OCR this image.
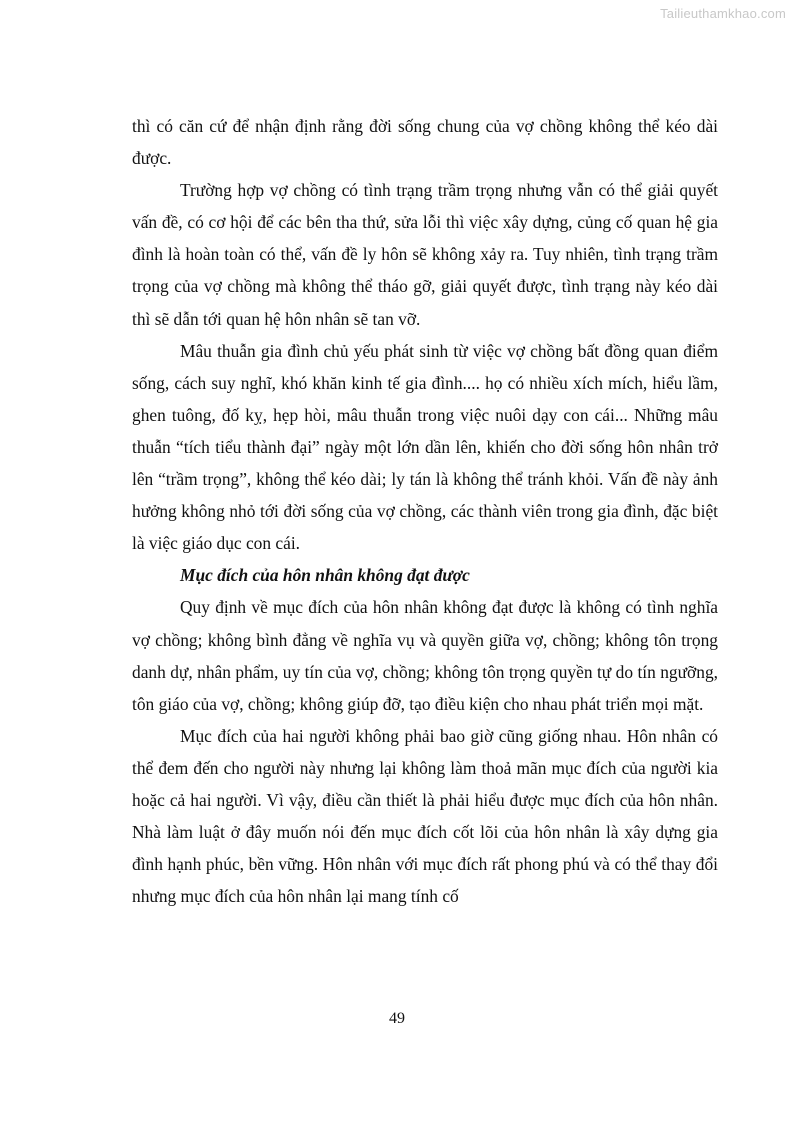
Tailieuthamkhao.com

thì có căn cứ để nhận định rằng đời sống chung của vợ chồng không thể kéo dài được.

Trường hợp vợ chồng có tình trạng trầm trọng nhưng vẫn có thể giải quyết vấn đề, có cơ hội để các bên tha thứ, sửa lỗi thì việc xây dựng, củng cố quan hệ gia đình là hoàn toàn có thể, vấn đề ly hôn sẽ không xảy ra. Tuy nhiên, tình trạng trầm trọng của vợ chồng mà không thể tháo gỡ, giải quyết được, tình trạng này kéo dài thì sẽ dẫn tới quan hệ hôn nhân sẽ tan vỡ.

Mâu thuẫn gia đình chủ yếu phát sinh từ việc vợ chồng bất đồng quan điểm sống, cách suy nghĩ, khó khăn kinh tế gia đình.... họ có nhiều xích mích, hiểu lầm, ghen tuông, đố kỵ, hẹp hòi, mâu thuẫn trong việc nuôi dạy con cái... Những mâu thuẫn “tích tiểu thành đại” ngày một lớn dần lên, khiến cho đời sống hôn nhân trở lên “trầm trọng”, không thể kéo dài; ly tán là không thể tránh khỏi. Vấn đề này ảnh hưởng không nhỏ tới đời sống của vợ chồng, các thành viên trong gia đình, đặc biệt là việc giáo dục con cái.

Mục đích của hôn nhân không đạt được

Quy định về mục đích của hôn nhân không đạt được là không có tình nghĩa vợ chồng; không bình đẳng về nghĩa vụ và quyền giữa vợ, chồng; không tôn trọng danh dự, nhân phẩm, uy tín của vợ, chồng; không tôn trọng quyền tự do tín ngưỡng, tôn giáo của vợ, chồng; không giúp đỡ, tạo điều kiện cho nhau phát triển mọi mặt.

Mục đích của hai người không phải bao giờ cũng giống nhau. Hôn nhân có thể đem đến cho người này nhưng lại không làm thoả mãn mục đích của người kia hoặc cả hai người. Vì vậy, điều cần thiết là phải hiểu được mục đích của hôn nhân. Nhà làm luật ở đây muốn nói đến mục đích cốt lõi của hôn nhân là xây dựng gia đình hạnh phúc, bền vững. Hôn nhân với mục đích rất phong phú và có thể thay đổi nhưng mục đích của hôn nhân lại mang tính cố

49
